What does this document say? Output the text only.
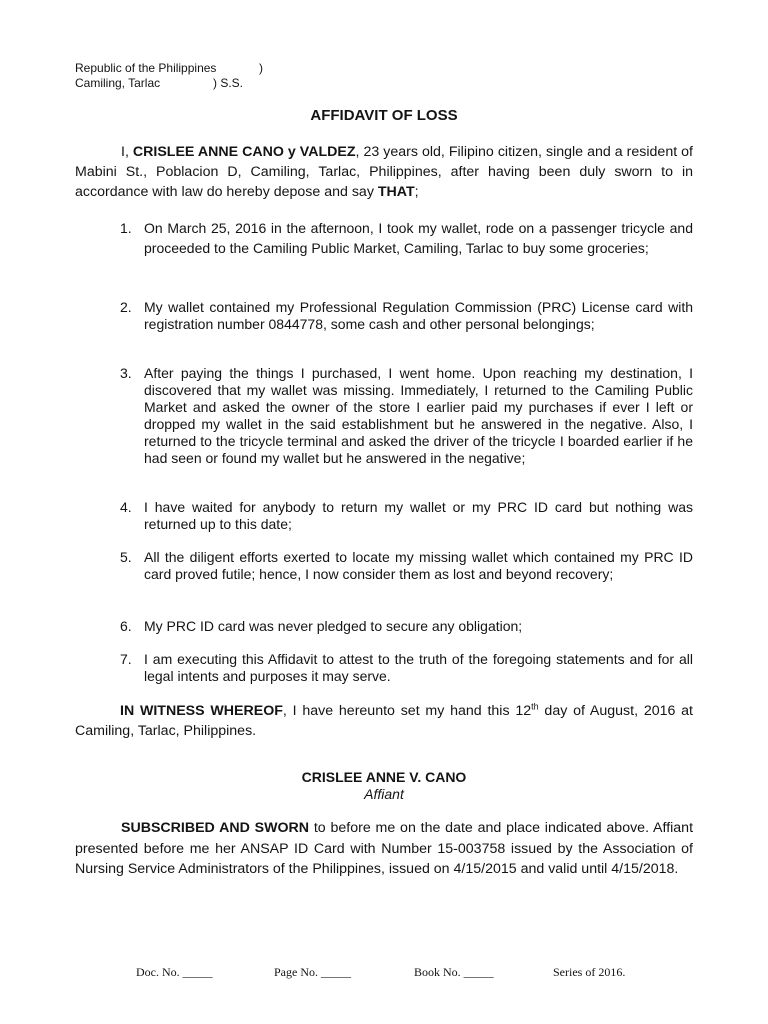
Republic of the Philippines	)
Camiling, Tarlac	) S.S.
AFFIDAVIT OF LOSS
I, CRISLEE ANNE CANO y VALDEZ, 23 years old, Filipino citizen, single and a resident of Mabini St., Poblacion D, Camiling, Tarlac, Philippines, after having been duly sworn to in accordance with law do hereby depose and say THAT;
1. On March 25, 2016 in the afternoon, I took my wallet, rode on a passenger tricycle and proceeded to the Camiling Public Market, Camiling, Tarlac to buy some groceries;
2. My wallet contained my Professional Regulation Commission (PRC) License card with registration number 0844778, some cash and other personal belongings;
3. After paying the things I purchased, I went home. Upon reaching my destination, I discovered that my wallet was missing. Immediately, I returned to the Camiling Public Market and asked the owner of the store I earlier paid my purchases if ever I left or dropped my wallet in the said establishment but he answered in the negative. Also, I returned to the tricycle terminal and asked the driver of the tricycle I boarded earlier if he had seen or found my wallet but he answered in the negative;
4. I have waited for anybody to return my wallet or my PRC ID card but nothing was returned up to this date;
5. All the diligent efforts exerted to locate my missing wallet which contained my PRC ID card proved futile; hence, I now consider them as lost and beyond recovery;
6. My PRC ID card was never pledged to secure any obligation;
7. I am executing this Affidavit to attest to the truth of the foregoing statements and for all legal intents and purposes it may serve.
IN WITNESS WHEREOF, I have hereunto set my hand this 12th day of August, 2016 at Camiling, Tarlac, Philippines.
CRISLEE ANNE V. CANO
Affiant
SUBSCRIBED AND SWORN to before me on the date and place indicated above. Affiant presented before me her ANSAP ID Card with Number 15-003758 issued by the Association of Nursing Service Administrators of the Philippines, issued on 4/15/2015 and valid until 4/15/2018.
Doc. No. _____	Page No. _____	Book No. _____	Series of 2016.
